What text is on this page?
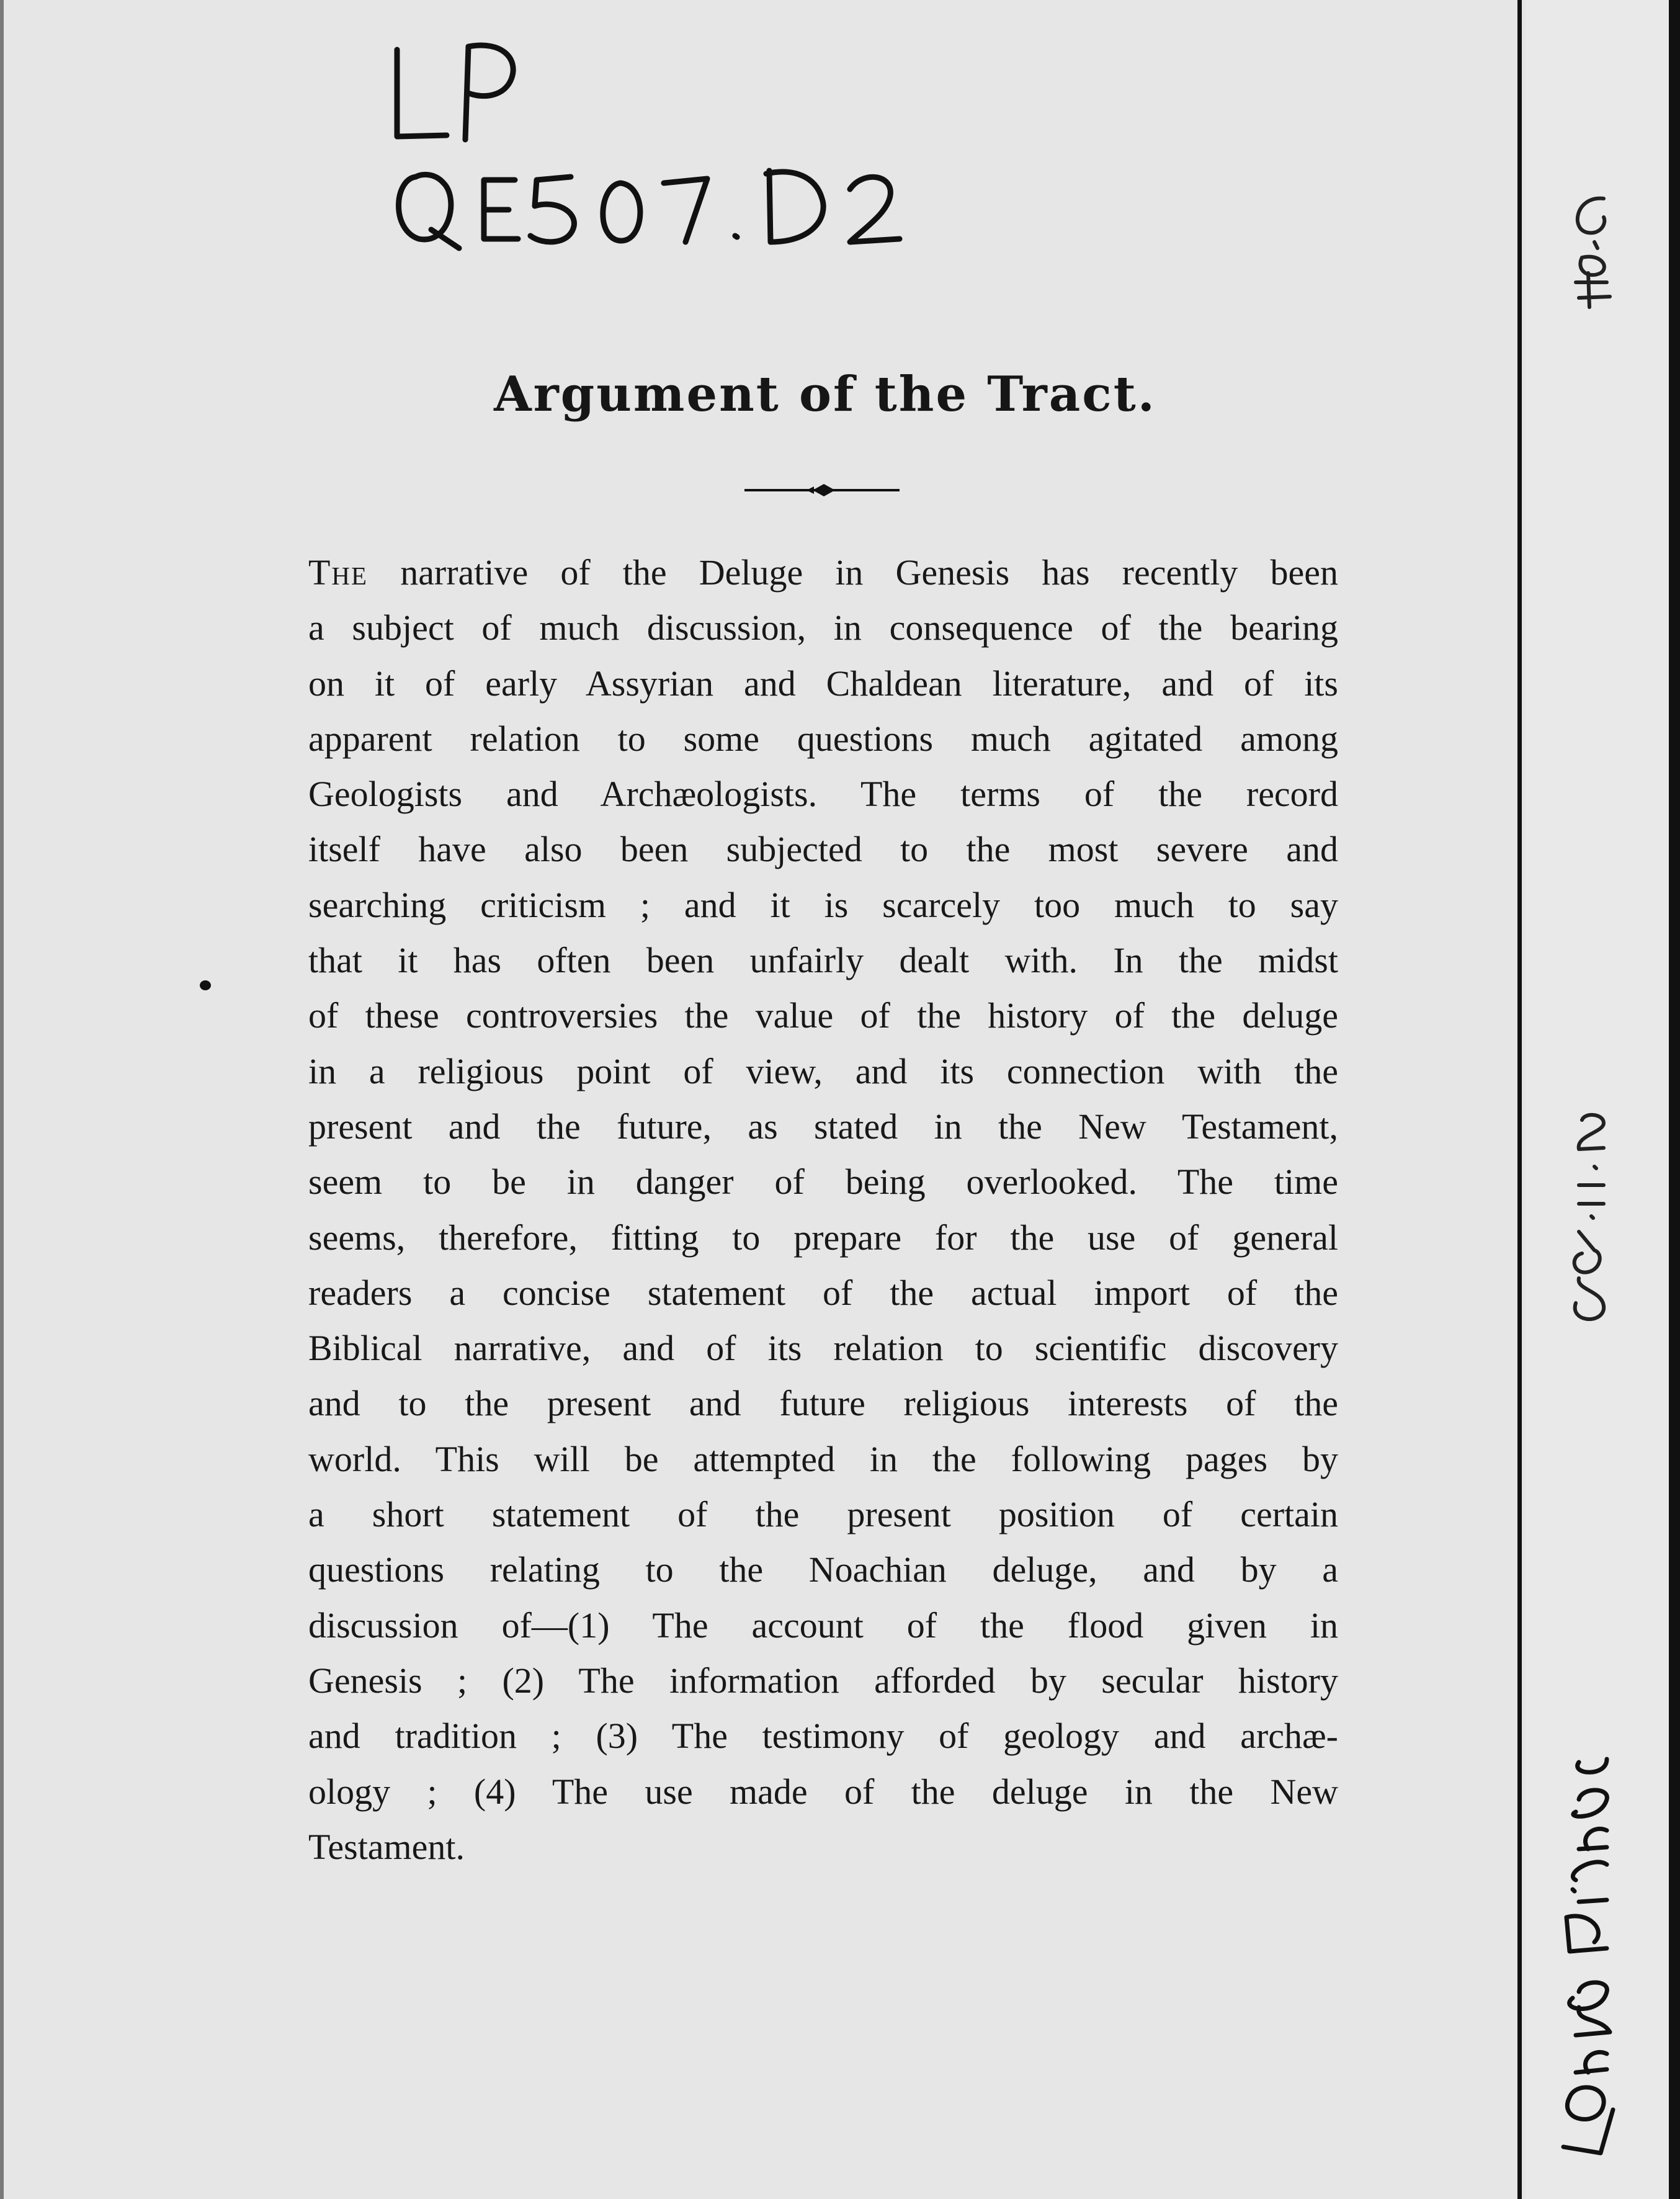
Argument of the Tract.
The narrative of the Deluge in Genesis has recently been
a subject of much discussion, in consequence of the bearing
on it of early Assyrian and Chaldean literature, and of its
apparent relation to some questions much agitated among
Geologists and Archæologists. The terms of the record
itself have also been subjected to the most severe and
searching criticism ; and it is scarcely too much to say
that it has often been unfairly dealt with. In the midst
of these controversies the value of the history of the deluge
in a religious point of view, and its connection with the
present and the future, as stated in the New Testament,
seem to be in danger of being overlooked. The time
seems, therefore, fitting to prepare for the use of general
readers a concise statement of the actual import of the
Biblical narrative, and of its relation to scientific discovery
and to the present and future religious interests of the
world. This will be attempted in the following pages by
a short statement of the present position of certain
questions relating to the Noachian deluge, and by a
discussion of—(1) The account of the flood given in
Genesis ; (2) The information afforded by secular history
and tradition ; (3) The testimony of geology and archæ-
ology ; (4) The use made of the deluge in the New
Testament.
